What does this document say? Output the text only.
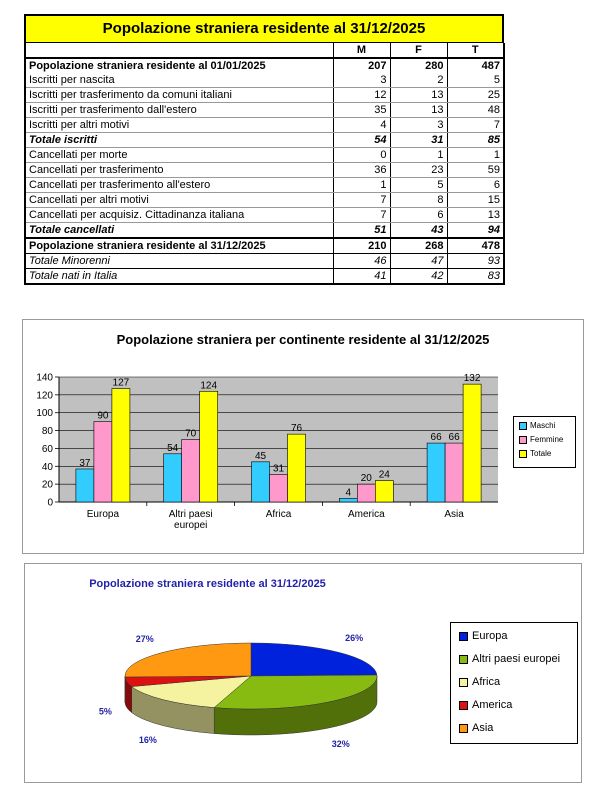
Popolazione straniera residente al 31/12/2025
	M	F	T
Popolazione straniera residente al 01/01/2025	207	280	487
Iscritti per nascita	3	2	5
Iscritti per trasferimento da comuni italiani	12	13	25
Iscritti per trasferimento dall'estero	35	13	48
Iscritti per altri motivi	4	3	7
Totale iscritti	54	31	85
Cancellati per morte	0	1	1
Cancellati per trasferimento	36	23	59
Cancellati per trasferimento all'estero	1	5	6
Cancellati per altri motivi	7	8	15
Cancellati per acquisiz. Cittadinanza italiana	7	6	13
Totale cancellati	51	43	94
Popolazione straniera residente al 31/12/2025	210	268	478
Totale Minorenni	46	47	93
Totale nati in Italia	41	42	83
0
20
40
60
80
100
120
140
37
90
127
Europa
54
70
124
Altri paesi
europei
45
31
76
Africa
4
20 24
America
66 66
132
Asia
Popolazione straniera per continente residente al 31/12/2025
Maschi
Femmine
Totale
26%
32%
16%
5%
27%
Popolazione straniera residente al 31/12/2025
Europa
Altri paesi europei
Africa
America
Asia
